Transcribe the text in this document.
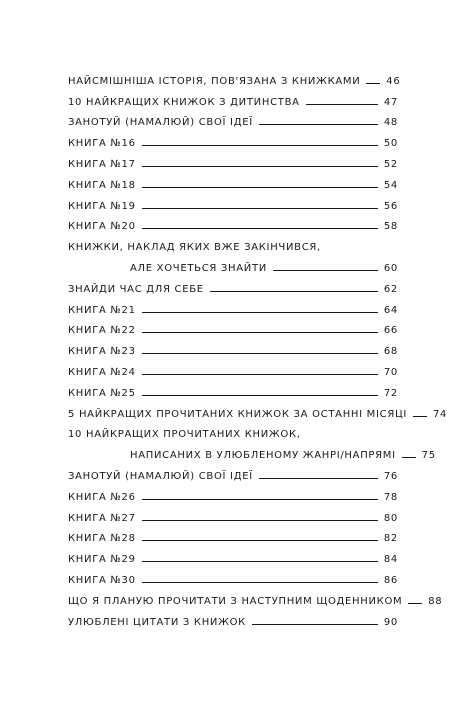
НАЙСМІШНІША ІСТОРІЯ, ПОВ'ЯЗАНА З КНИЖКАМИ	46
10 НАЙКРАЩИХ КНИЖОК З ДИТИНСТВА	47
ЗАНОТУЙ (НАМАЛЮЙ) СВОЇ ІДЕЇ	48
КНИГА №16	50
КНИГА №17	52
КНИГА №18	54
КНИГА №19	56
КНИГА №20	58
КНИЖКИ, НАКЛАД ЯКИХ ВЖЕ ЗАКІНЧИВСЯ,
АЛЕ ХОЧЕТЬСЯ ЗНАЙТИ	60
ЗНАЙДИ ЧАС ДЛЯ СЕБЕ	62
КНИГА №21	64
КНИГА №22	66
КНИГА №23	68
КНИГА №24	70
КНИГА №25	72
5 НАЙКРАЩИХ ПРОЧИТАНИХ КНИЖОК ЗА ОСТАННІ МІСЯЦІ	74
10 НАЙКРАЩИХ ПРОЧИТАНИХ КНИЖОК,
НАПИСАНИХ В УЛЮБЛЕНОМУ ЖАНРІ/НАПРЯМІ	75
ЗАНОТУЙ (НАМАЛЮЙ) СВОЇ ІДЕЇ	76
КНИГА №26	78
КНИГА №27	80
КНИГА №28	82
КНИГА №29	84
КНИГА №30	86
ЩО Я ПЛАНУЮ ПРОЧИТАТИ З НАСТУПНИМ ЩОДЕННИКОМ	88
УЛЮБЛЕНІ ЦИТАТИ З КНИЖОК	90
